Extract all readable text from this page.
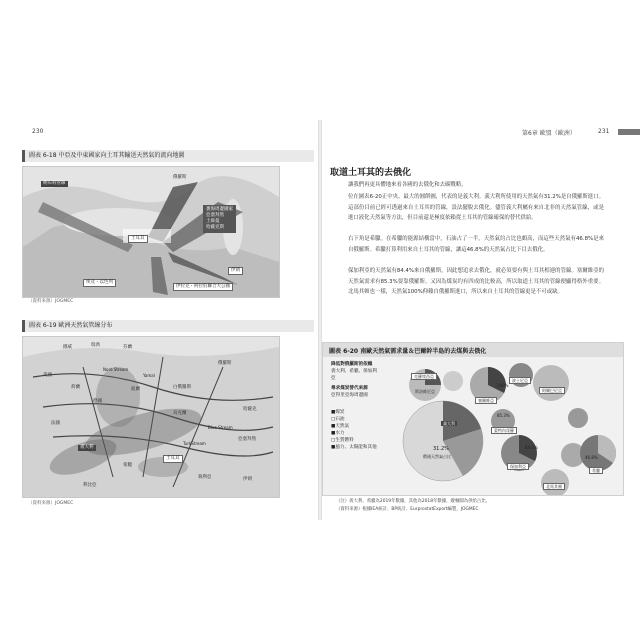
230
圖表 6-18 中亞及中東國家向土耳其輸送天然氣的流向地圖
納布科管線
俄羅斯
土耳其
伊朗
裏海周邊國家
亞塞拜然
土庫曼
哈薩克斯
埃及・以色列
伊拉克・阿拉伯聯合大公國
（資料來源）JOGMEC
圖表 6-19 歐洲天然氣管線分布
挪威	瑞典	芬蘭
英國
荷蘭
德國
波蘭
俄羅斯
法國
義大利
希臘
土耳其
白俄羅斯
烏克蘭
哈薩克
亞塞拜然
敘利亞
利比亞
伊朗
Nord Stream
TurkStream
Yamal
Blue Stream
（資料來源）JOGMEC
第6章 歐盟（歐洲）	231
取道土耳其的去俄化
讓我們再更具體地來看各國的去俄化和去碳戰略。
位在圖表6-20正中央、最大的圓餅圖，代表的是義大利。義大利所使用的天然氣有31.2%是自俄羅斯進口。這部份目前已經可透過來自土耳其的管線，設法擺脫去俄化。儘管義大利屬有來自北非的天然氣管線，或是進口液化天然氣等方法，但目前還是極度依賴從土耳其的管線確保的替代供給。
右下角是希臘。在希臘的能源結構當中，石油占了一半，天然氣約占比也頗高，而這些天然氣有46.8%是來自俄羅斯。希臘打算利用來自土耳其的管線，讓這46.8%的天然氣占比下目去俄化。
保加利亞的天然氣有84.4%來自俄羅斯，因此想追求去俄化，就必須要有與土耳其相連的管線。塞爾維亞的天然氣需求有85.3%要靠俄羅斯。又因為煤炭約有四成的比較高，所以取道土耳其的管線便顯得格外重要。北馬其頓也一樣，天然氣100%仰賴自俄羅斯進口，所以來自土耳其的管線更是不可或缺。
圖表 6-20 南歐天然氣需求量＆巴爾幹半島的去煤與去俄化
降低對俄羅斯的依賴
義大利、希臘、保加利亞
尋求煤炭替代來源
亞得里亞海周邊國
■煤炭
□石油
■天然氣
■水力
□生質燃料
■風力、太陽能和其他
義大利
31.2%
俄國天然氣占比
希臘
46.8%
保加利亞
84.4%
塞爾維亞
北馬其頓
波士尼亞
蒙特內哥羅
阿爾巴尼亞
克羅埃西亞
斯洛維尼亞
100%
85.3%
（注）義大利、希臘為2019年數據，其他為2018年數據，縱軸圓為供給占比。
（資料來源）根據IEA統計、BP統計、EurprostatExport編製，JOGMEC
